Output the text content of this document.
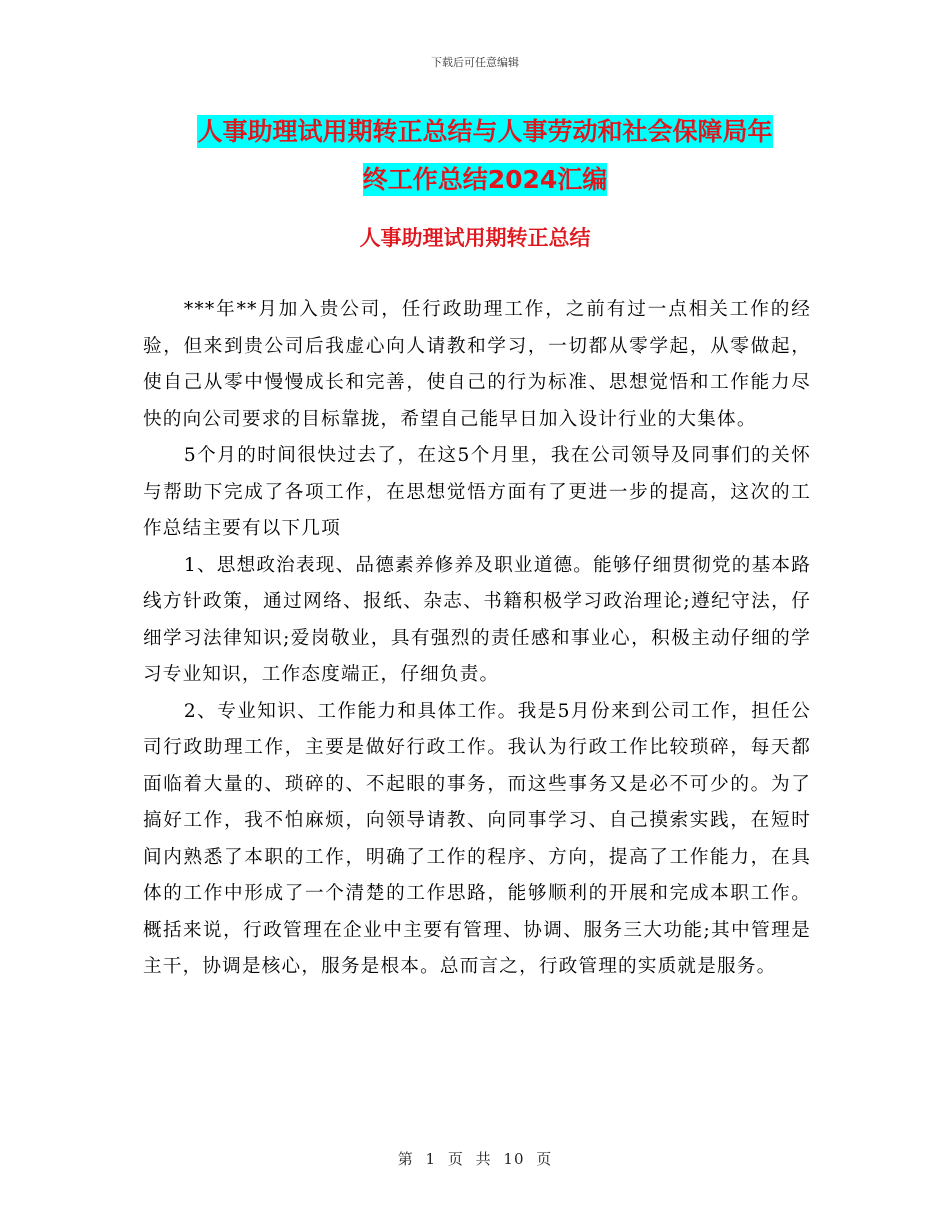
下载后可任意编辑
人事助理试用期转正总结与人事劳动和社会保障局年
终工作总结2024汇编
人事助理试用期转正总结

***年**月加入贵公司，任行政助理工作，之前有过一点相关工作的经验，但来到贵公司后我虚心向人请教和学习，一切都从零学起，从零做起，使自己从零中慢慢成长和完善，使自己的行为标准、思想觉悟和工作能力尽快的向公司要求的目标靠拢，希望自己能早日加入设计行业的大集体。

5个月的时间很快过去了，在这5个月里，我在公司领导及同事们的关怀与帮助下完成了各项工作，在思想觉悟方面有了更进一步的提高，这次的工作总结主要有以下几项

1、思想政治表现、品德素养修养及职业道德。能够仔细贯彻党的基本路线方针政策，通过网络、报纸、杂志、书籍积极学习政治理论;遵纪守法，仔细学习法律知识;爱岗敬业，具有强烈的责任感和事业心，积极主动仔细的学习专业知识，工作态度端正，仔细负责。

2、专业知识、工作能力和具体工作。我是5月份来到公司工作，担任公司行政助理工作，主要是做好行政工作。我认为行政工作比较琐碎，每天都面临着大量的、琐碎的、不起眼的事务，而这些事务又是必不可少的。为了搞好工作，我不怕麻烦，向领导请教、向同事学习、自己摸索实践，在短时间内熟悉了本职的工作，明确了工作的程序、方向，提高了工作能力，在具体的工作中形成了一个清楚的工作思路，能够顺利的开展和完成本职工作。概括来说，行政管理在企业中主要有管理、协调、服务三大功能;其中管理是主干，协调是核心，服务是根本。总而言之，行政管理的实质就是服务。

第 1 页 共 10 页
